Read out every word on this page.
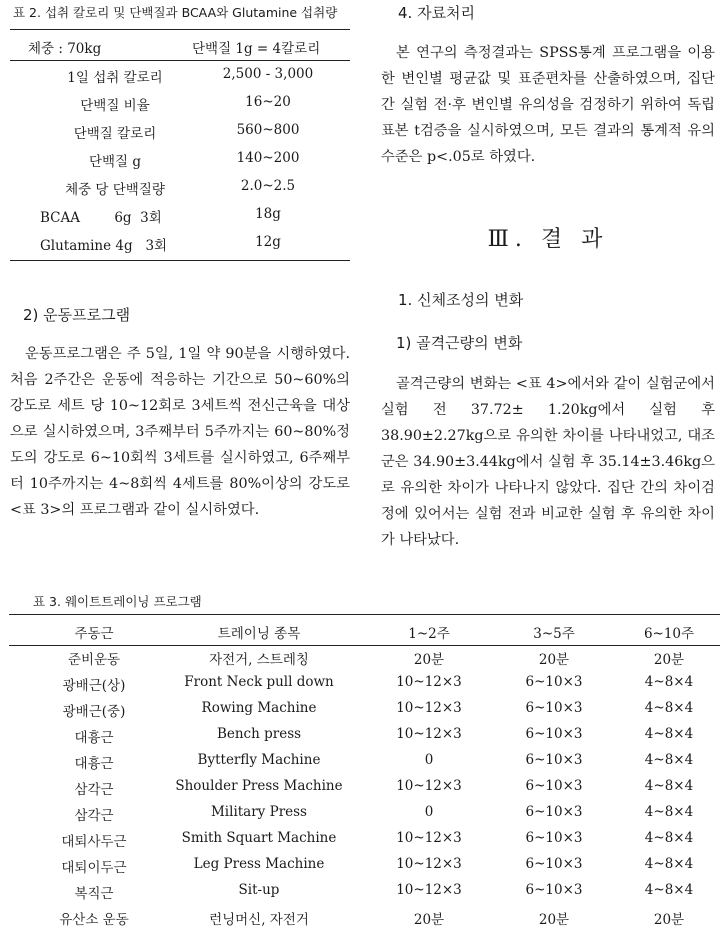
표 2. 섭취 칼로리 및 단백질과 BCAA와 Glutamine 섭취량
체중 : 70kg	단백질 1g = 4칼로리
1일 섭취 칼로리	2,500 - 3,000
단백질 비율	16~20
단백질 칼로리	560~800
단백질 g	140~200
체중 당 단백질량	2.0~2.5
BCAA        6g  3회	18g
Glutamine 4g   3회	12g
2) 운동프로그램
운동프로그램은 주 5일, 1일 약 90분을 시행하였다. 처음 2주간은 운동에 적응하는 기간으로 50~60%의 강도로 세트 당 10~12회로 3세트씩 전신근육을 대상으로 실시하였으며, 3주째부터 5주까지는 60~80%정도의 강도로 6~10회씩 3세트를 실시하였고, 6주째부터 10주까지는 4~8회씩 4세트를 80%이상의 강도로 <표 3>의 프로그램과 같이 실시하였다.
4. 자료처리
본 연구의 측정결과는 SPSS통계 프로그램을 이용한 변인별 평균값 및 표준편차를 산출하였으며, 집단 간 실험 전·후 변인별 유의성을 검정하기 위하여 독립표본 t검증을 실시하였으며, 모든 결과의 통계적 유의수준은 p<.05로 하였다.
Ⅲ. 결 과
1. 신체조성의 변화
1) 골격근량의 변화
골격근량의 변화는 <표 4>에서와 같이 실험군에서 실험 전 37.72± 1.20kg에서 실험 후 38.90±2.27kg으로 유의한 차이를 나타내었고, 대조군은 34.90±3.44kg에서 실험 후 35.14±3.46kg으로 유의한 차이가 나타나지 않았다. 집단 간의 차이검정에 있어서는 실험 전과 비교한 실험 후 유의한 차이가 나타났다.
표 3. 웨이트트레이닝 프로그램
주동근	트레이닝 종목	1~2주	3~5주	6~10주
준비운동	자전거, 스트레칭	20분	20분	20분
광배근(상)	Front Neck pull down	10~12×3	6~10×3	4~8×4
광배근(중)	Rowing Machine	10~12×3	6~10×3	4~8×4
대흉근	Bench press	10~12×3	6~10×3	4~8×4
대흉근	Bytterfly Machine	0	6~10×3	4~8×4
삼각근	Shoulder Press Machine	10~12×3	6~10×3	4~8×4
삼각근	Military Press	0	6~10×3	4~8×4
대퇴사두근	Smith Squart Machine	10~12×3	6~10×3	4~8×4
대퇴이두근	Leg Press Machine	10~12×3	6~10×3	4~8×4
복직근	Sit-up	10~12×3	6~10×3	4~8×4
유산소 운동	런닝머신, 자전거	20분	20분	20분
